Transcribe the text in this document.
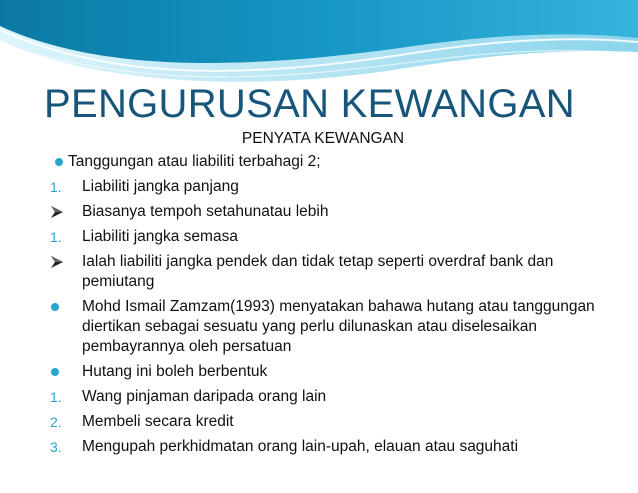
PENGURUSAN KEWANGAN
PENYATA KEWANGAN
Tanggungan atau liabiliti terbahagi 2;
1. Liabiliti jangka panjang
Biasanya tempoh setahunatau lebih
1. Liabiliti jangka semasa
Ialah liabiliti jangka pendek dan tidak tetap seperti overdraf bank dan pemiutang
Mohd Ismail Zamzam(1993) menyatakan bahawa hutang atau tanggungan diertikan sebagai sesuatu yang perlu dilunaskan atau diselesaikan pembayrannya oleh persatuan
Hutang ini boleh berbentuk
1. Wang pinjaman daripada orang lain
2. Membeli secara kredit
3. Mengupah perkhidmatan orang lain-upah, elauan atau saguhati
